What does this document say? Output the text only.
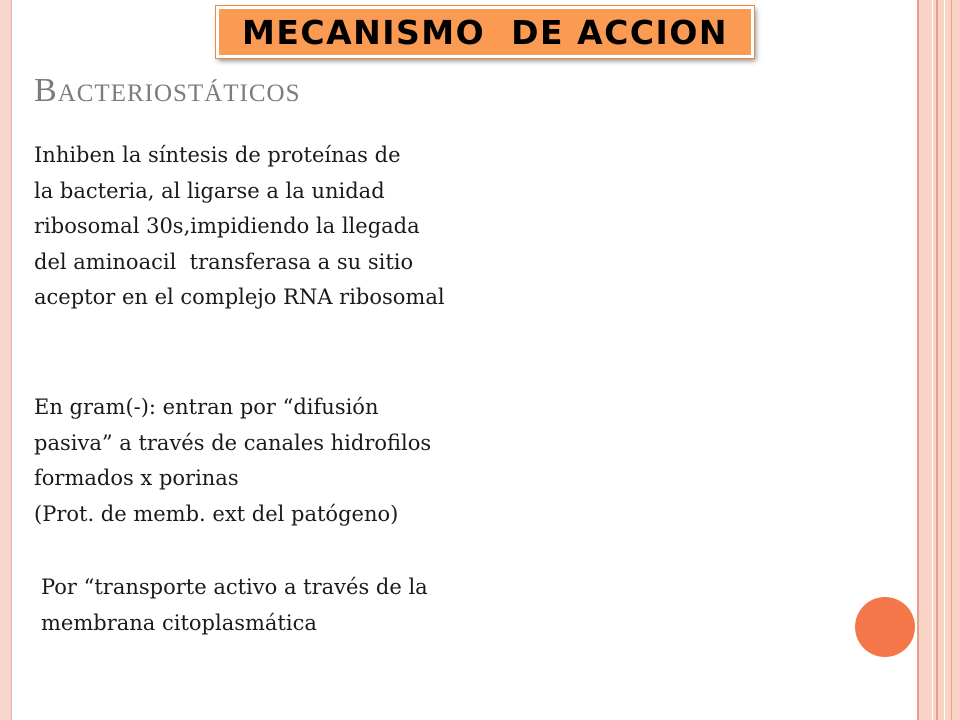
MECANISMO  DE ACCION
BACTERIOSTÁTICOS
Inhiben la síntesis de proteínas de
la bacteria, al ligarse a la unidad
ribosomal 30s,impidiendo la llegada
del aminoacil  transferasa a su sitio
aceptor en el complejo RNA ribosomal
En gram(-): entran por “difusión
pasiva” a través de canales hidrofilos
formados x porinas
(Prot. de memb. ext del patógeno)
Por “transporte activo a través de la
membrana citoplasmática
